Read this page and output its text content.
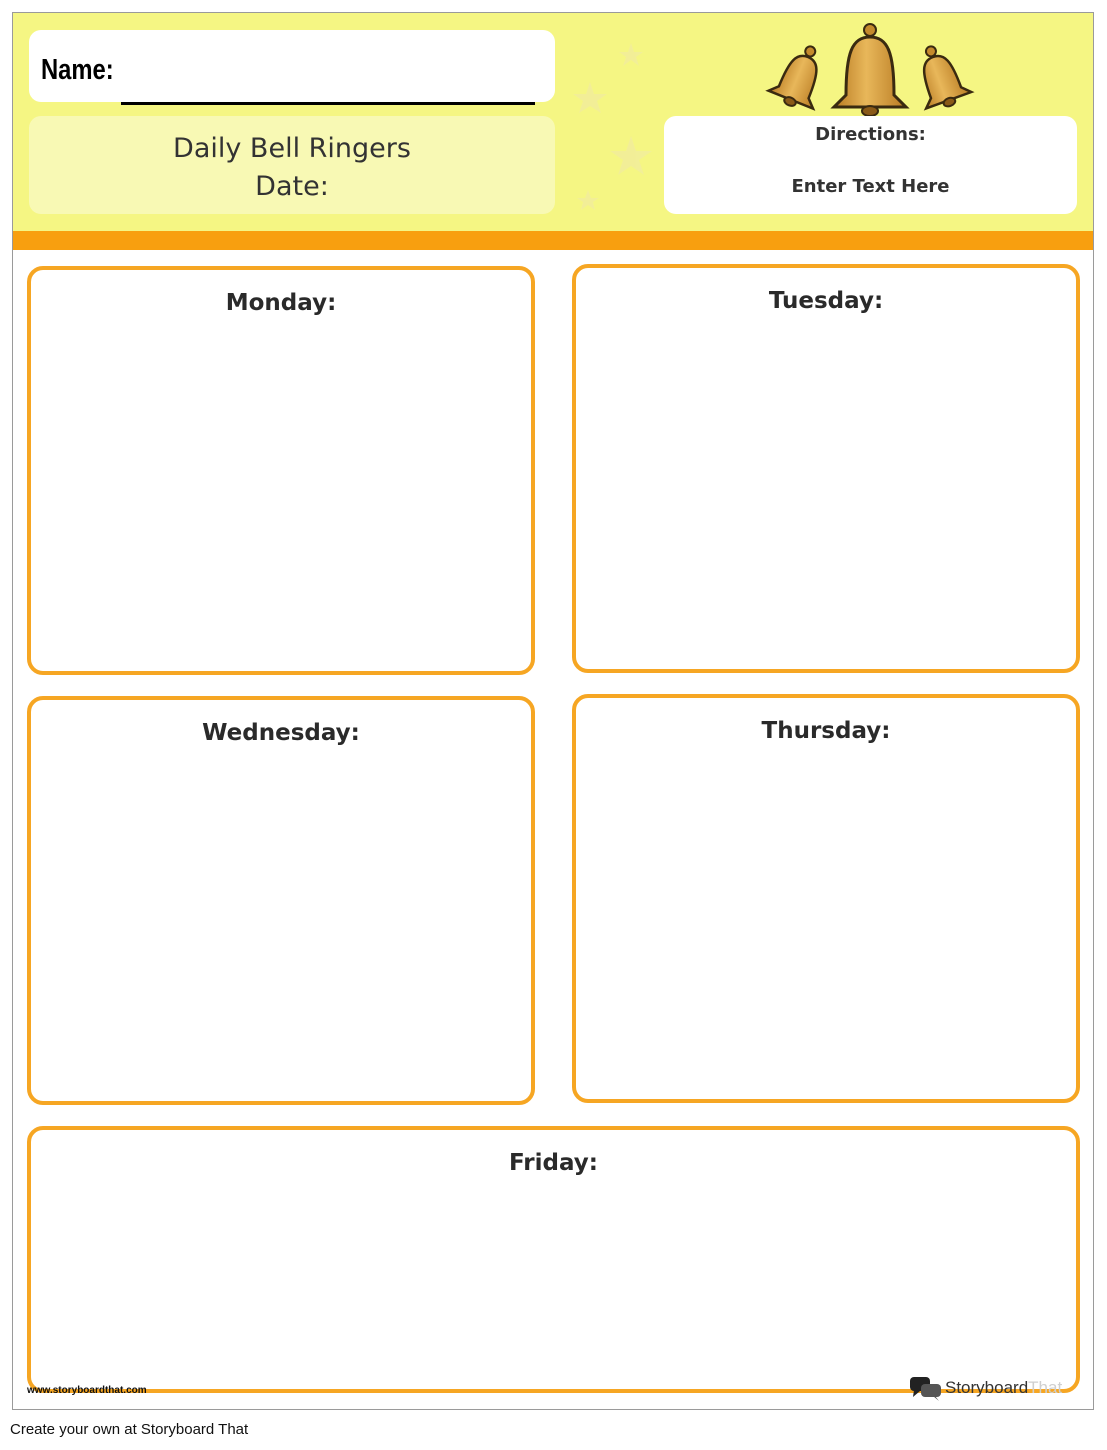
Name:
Daily Bell Ringers
Date:
Directions:
Enter Text Here
Monday:	Tuesday:
Wednesday:	Thursday:
Friday:
www.storyboardthat.com	StoryboardThat
Create your own at Storyboard That
